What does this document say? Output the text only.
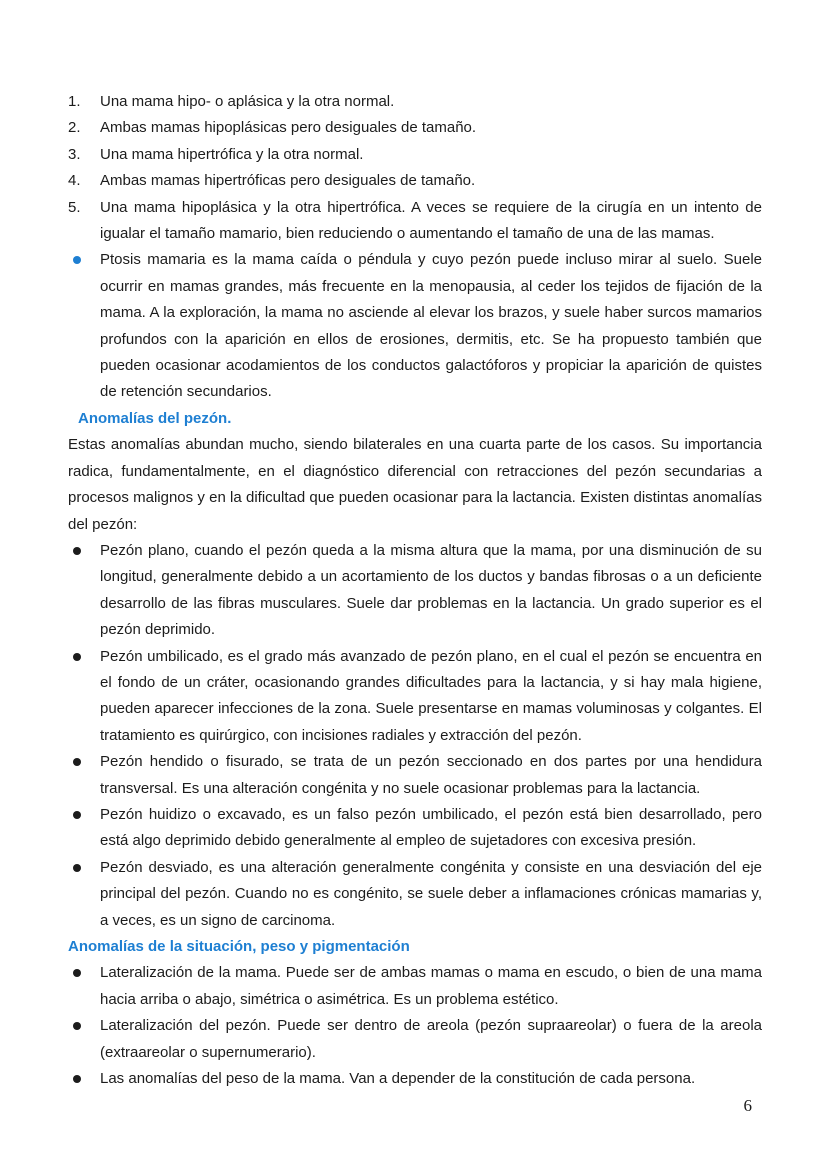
1.	Una mama hipo- o aplásica y la otra normal.
2.	Ambas mamas hipoplásicas pero desiguales de tamaño.
3.	Una mama hipertrófica y la otra normal.
4.	Ambas mamas hipertróficas pero desiguales de tamaño.
5.	Una mama hipoplásica y la otra hipertrófica. A veces se requiere de la cirugía en un intento de igualar el tamaño mamario, bien reduciendo o aumentando el tamaño de una de las mamas.
Ptosis mamaria es la mama caída o péndula y cuyo pezón puede incluso mirar al suelo. Suele ocurrir en mamas grandes, más frecuente en la menopausia, al ceder los tejidos de fijación de la mama. A la exploración, la mama no asciende al elevar los brazos, y suele haber surcos mamarios profundos con la aparición en ellos de erosiones, dermitis, etc. Se ha propuesto también que pueden ocasionar acodamientos de los conductos galactóforos y propiciar la aparición de quistes de retención secundarios.
Anomalías del pezón.

Estas anomalías abundan mucho, siendo bilaterales en una cuarta parte de los casos. Su importancia radica, fundamentalmente, en el diagnóstico diferencial con retracciones del pezón secundarias a procesos malignos y en la dificultad que pueden ocasionar para la lactancia. Existen distintas anomalías del pezón:

Pezón plano, cuando el pezón queda a la misma altura que la mama, por una disminución de su longitud, generalmente debido a un acortamiento de los ductos y bandas fibrosas o a un deficiente desarrollo de las fibras musculares. Suele dar problemas en la lactancia. Un grado superior es el pezón deprimido.
Pezón umbilicado, es el grado más avanzado de pezón plano, en el cual el pezón se encuentra en el fondo de un cráter, ocasionando grandes dificultades para la lactancia, y si hay mala higiene, pueden aparecer infecciones de la zona. Suele presentarse en mamas voluminosas y colgantes. El tratamiento es quirúrgico, con incisiones radiales y extracción del pezón.
Pezón hendido o fisurado, se trata de un pezón seccionado en dos partes por una hendidura transversal. Es una alteración congénita y no suele ocasionar problemas para la lactancia.
Pezón huidizo o excavado, es un falso pezón umbilicado, el pezón está bien desarrollado, pero está algo deprimido debido generalmente al empleo de sujetadores con excesiva presión.
Pezón desviado, es una alteración generalmente congénita y consiste en una desviación del eje principal del pezón. Cuando no es congénito, se suele deber a inflamaciones crónicas mamarias y, a veces, es un signo de carcinoma.
Anomalías de la situación, peso y pigmentación
Lateralización de la mama. Puede ser de ambas mamas o mama en escudo, o bien de una mama hacia arriba o abajo, simétrica o asimétrica. Es un problema estético.
Lateralización del pezón. Puede ser dentro de areola (pezón supraareolar) o fuera de la areola (extraareolar o supernumerario).
Las anomalías del peso de la mama. Van a depender de la constitución de cada persona.
6
